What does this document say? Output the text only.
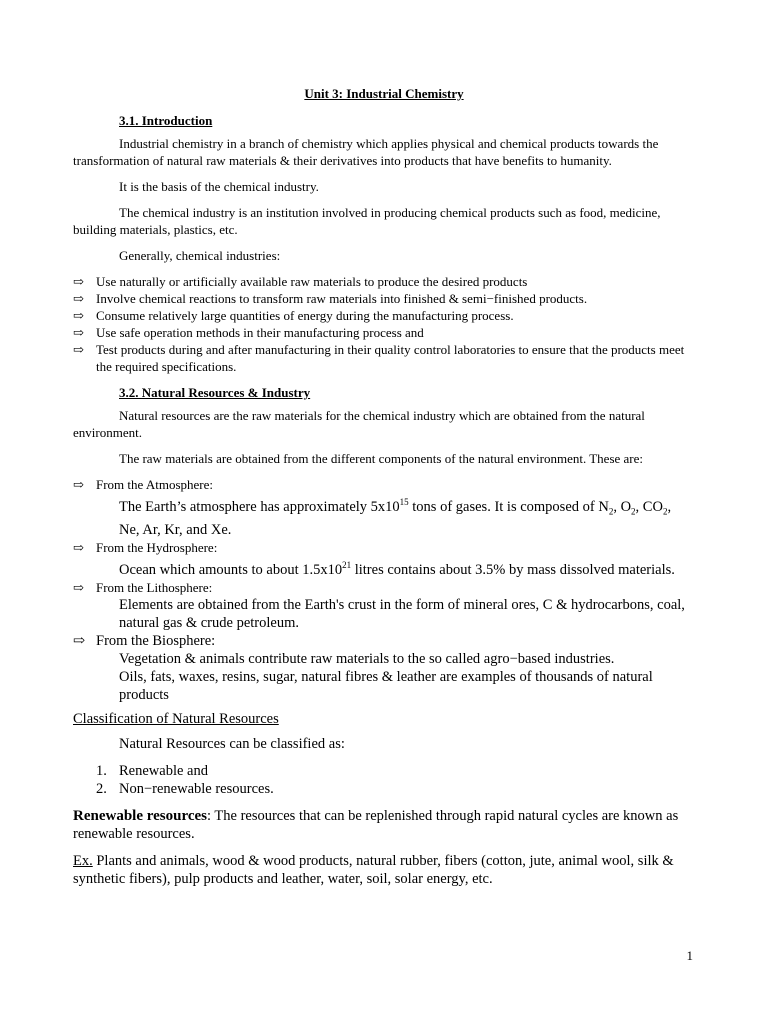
Unit 3: Industrial Chemistry
3.1. Introduction

Industrial chemistry in a branch of chemistry which applies physical and chemical products towards the transformation of natural raw materials & their derivatives into products that have benefits to humanity.

It is the basis of the chemical industry.

The chemical industry is an institution involved in producing chemical products such as food, medicine, building materials, plastics, etc.

Generally, chemical industries:

⇨ Use naturally or artificially available raw materials to produce the desired products
⇨ Involve chemical reactions to transform raw materials into finished & semi−finished products.
⇨ Consume relatively large quantities of energy during the manufacturing process.
⇨ Use safe operation methods in their manufacturing process and
⇨ Test products during and after manufacturing in their quality control laboratories to ensure that the products meet the required specifications.
3.2. Natural Resources & Industry

Natural resources are the raw materials for the chemical industry which are obtained from the natural environment.

The raw materials are obtained from the different components of the natural environment. These are:

⇨ From the Atmosphere:
The Earth’s atmosphere has approximately $5x10^{15}$ tons of gases. It is composed of $N_2$, $O_2$, $CO_2$, Ne, Ar, Kr, and Xe.
⇨ From the Hydrosphere:
Ocean which amounts to about $1.5x10^{21}$ litres contains about 3.5% by mass dissolved materials.
⇨ From the Lithosphere:
Elements are obtained from the Earth's crust in the form of mineral ores, C & hydrocarbons, coal, natural gas & crude petroleum.
⇨ From the Biosphere:
Vegetation & animals contribute raw materials to the so called agro−based industries.
Oils, fats, waxes, resins, sugar, natural fibres & leather are examples of thousands of natural products

Classification of Natural Resources

Natural Resources can be classified as:

1. Renewable and
2. Non−renewable resources.

Renewable resources: The resources that can be replenished through rapid natural cycles are known as renewable resources.

Ex. Plants and animals, wood & wood products, natural rubber, fibers (cotton, jute, animal wool, silk & synthetic fibers), pulp products and leather, water, soil, solar energy, etc.

1
